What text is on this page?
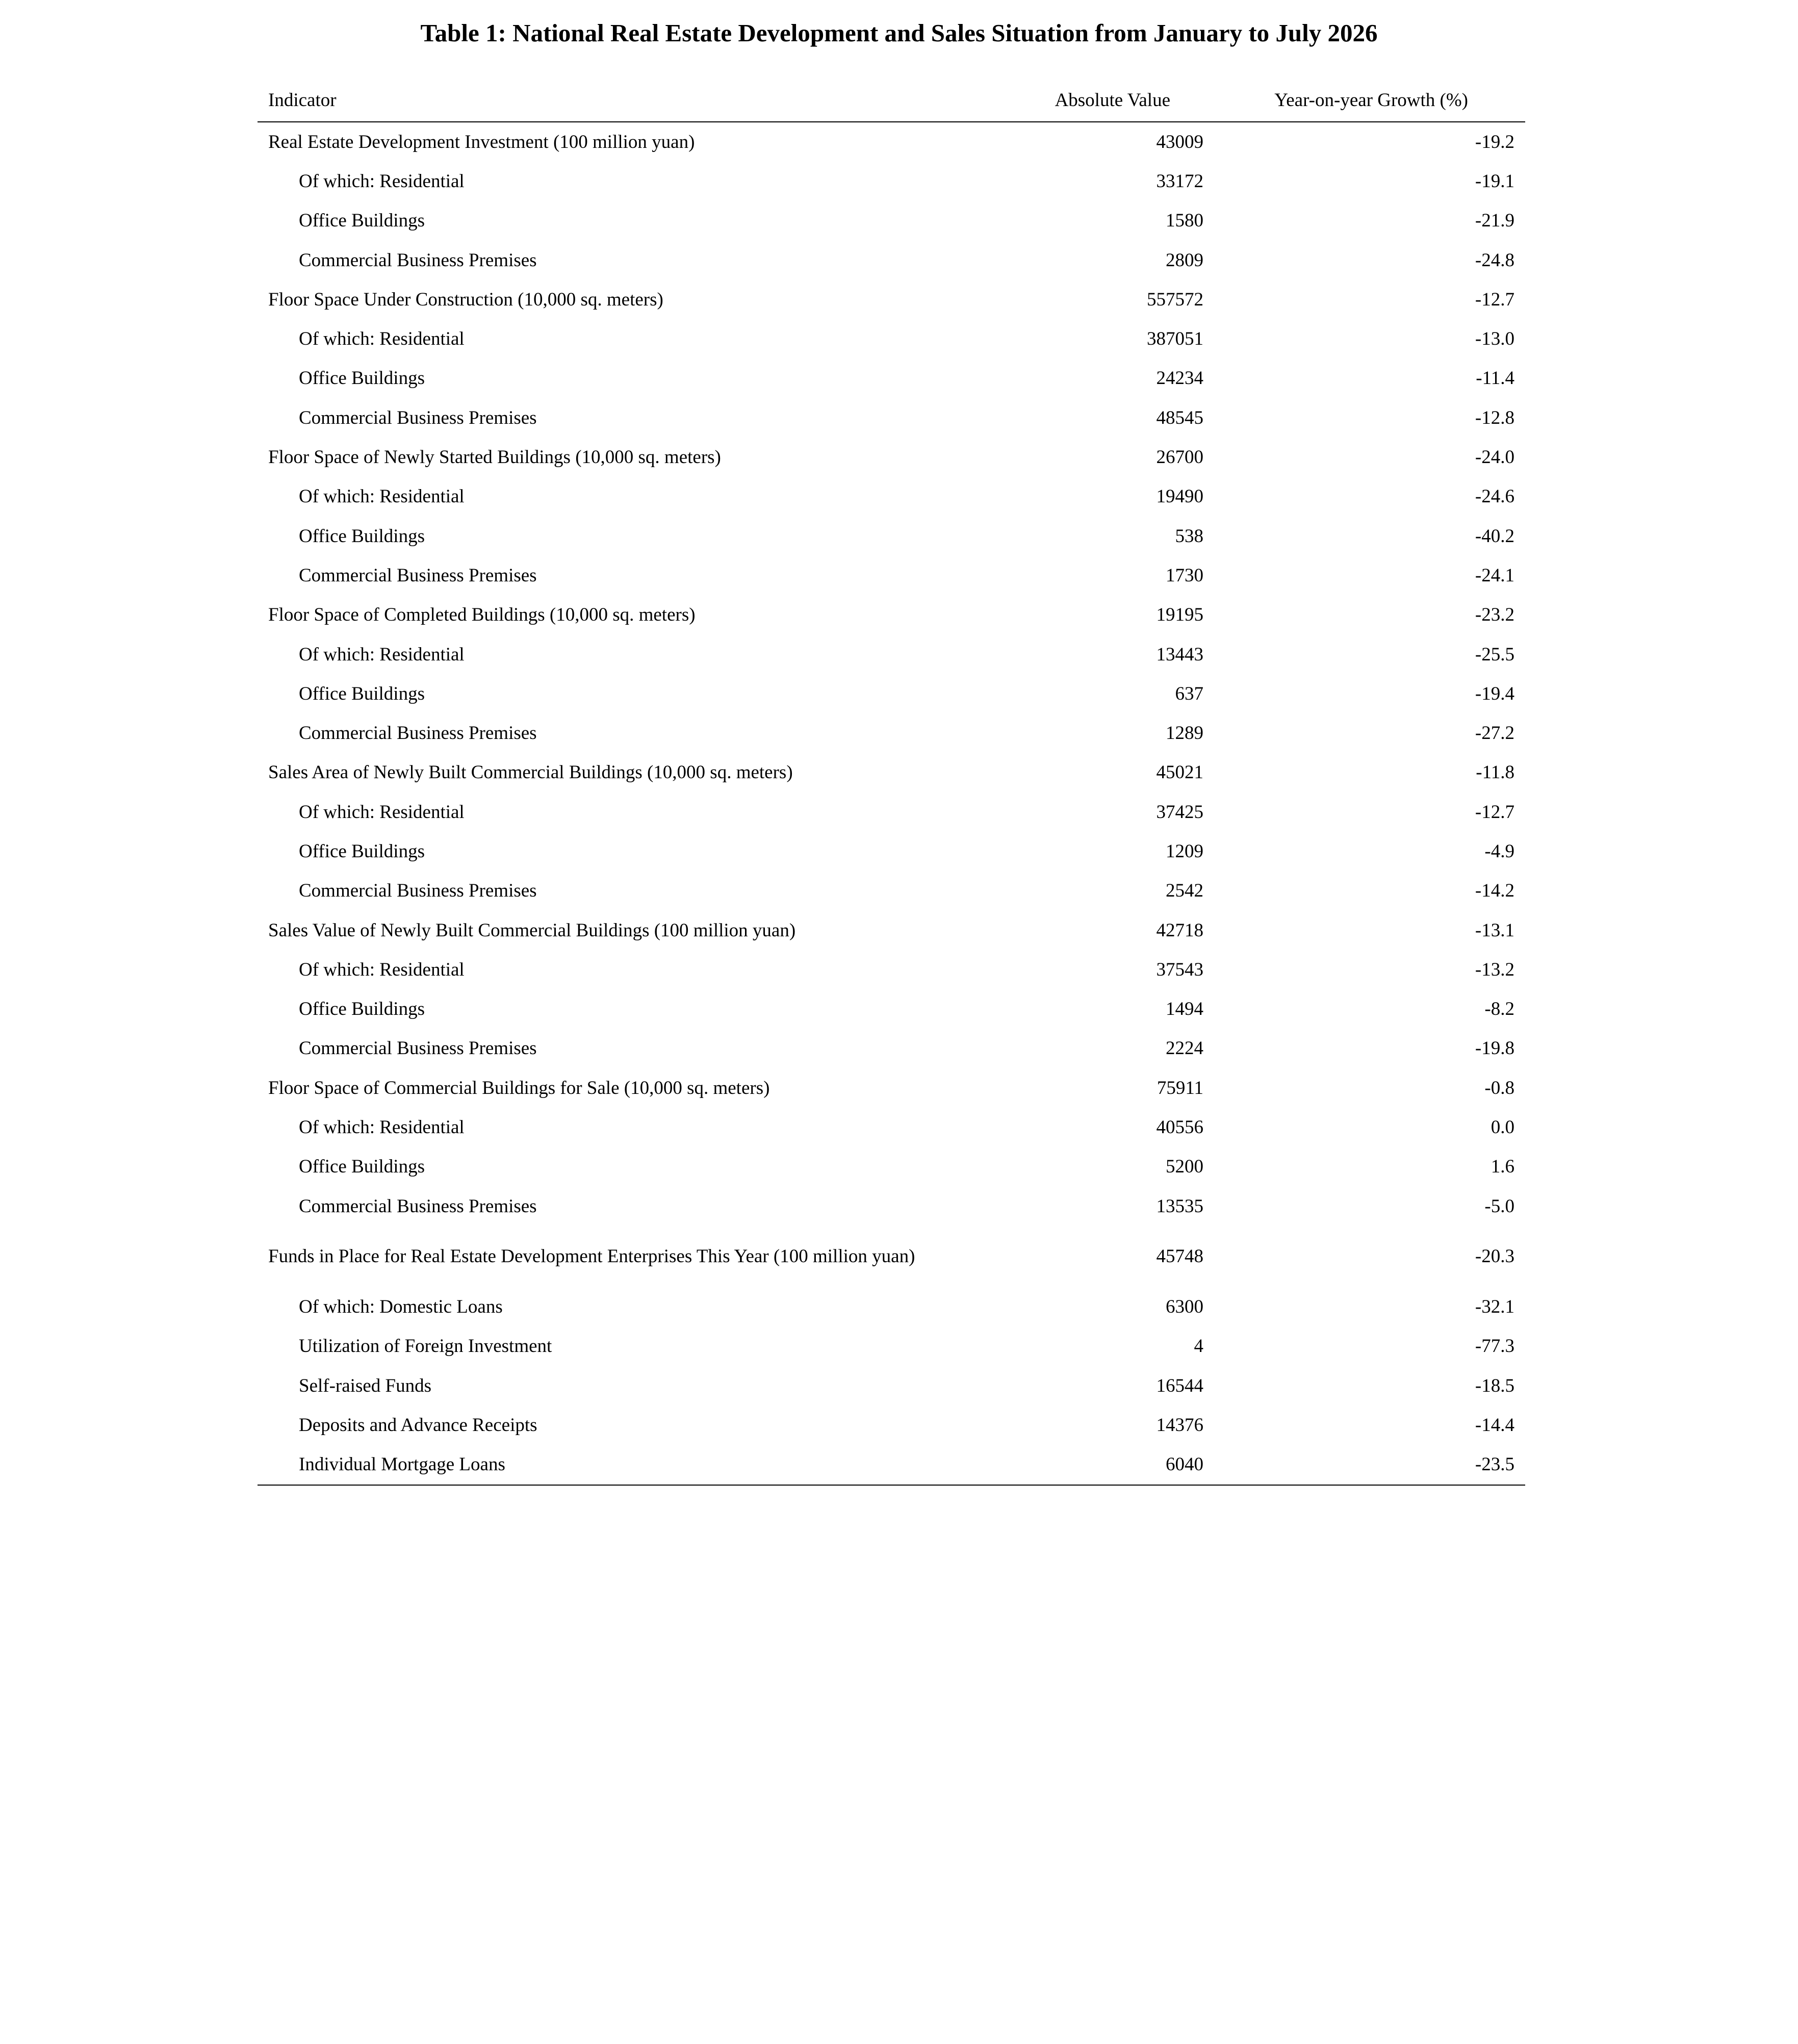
Table 1: National Real Estate Development and Sales Situation from January to July 2026
Indicator	Absolute Value	Year-on-year Growth (%)
Real Estate Development Investment (100 million yuan)	43009	-19.2
Of which: Residential	33172	-19.1
Office Buildings	1580	-21.9
Commercial Business Premises	2809	-24.8
Floor Space Under Construction (10,000 sq. meters)	557572	-12.7
Of which: Residential	387051	-13.0
Office Buildings	24234	-11.4
Commercial Business Premises	48545	-12.8
Floor Space of Newly Started Buildings (10,000 sq. meters)	26700	-24.0
Of which: Residential	19490	-24.6
Office Buildings	538	-40.2
Commercial Business Premises	1730	-24.1
Floor Space of Completed Buildings (10,000 sq. meters)	19195	-23.2
Of which: Residential	13443	-25.5
Office Buildings	637	-19.4
Commercial Business Premises	1289	-27.2
Sales Area of Newly Built Commercial Buildings (10,000 sq. meters)	45021	-11.8
Of which: Residential	37425	-12.7
Office Buildings	1209	-4.9
Commercial Business Premises	2542	-14.2
Sales Value of Newly Built Commercial Buildings (100 million yuan)	42718	-13.1
Of which: Residential	37543	-13.2
Office Buildings	1494	-8.2
Commercial Business Premises	2224	-19.8
Floor Space of Commercial Buildings for Sale (10,000 sq. meters)	75911	-0.8
Of which: Residential	40556	0.0
Office Buildings	5200	1.6
Commercial Business Premises	13535	-5.0
Funds in Place for Real Estate Development Enterprises This Year (100 million yuan)	45748	-20.3
Of which: Domestic Loans	6300	-32.1
Utilization of Foreign Investment	4	-77.3
Self-raised Funds	16544	-18.5
Deposits and Advance Receipts	14376	-14.4
Individual Mortgage Loans	6040	-23.5
